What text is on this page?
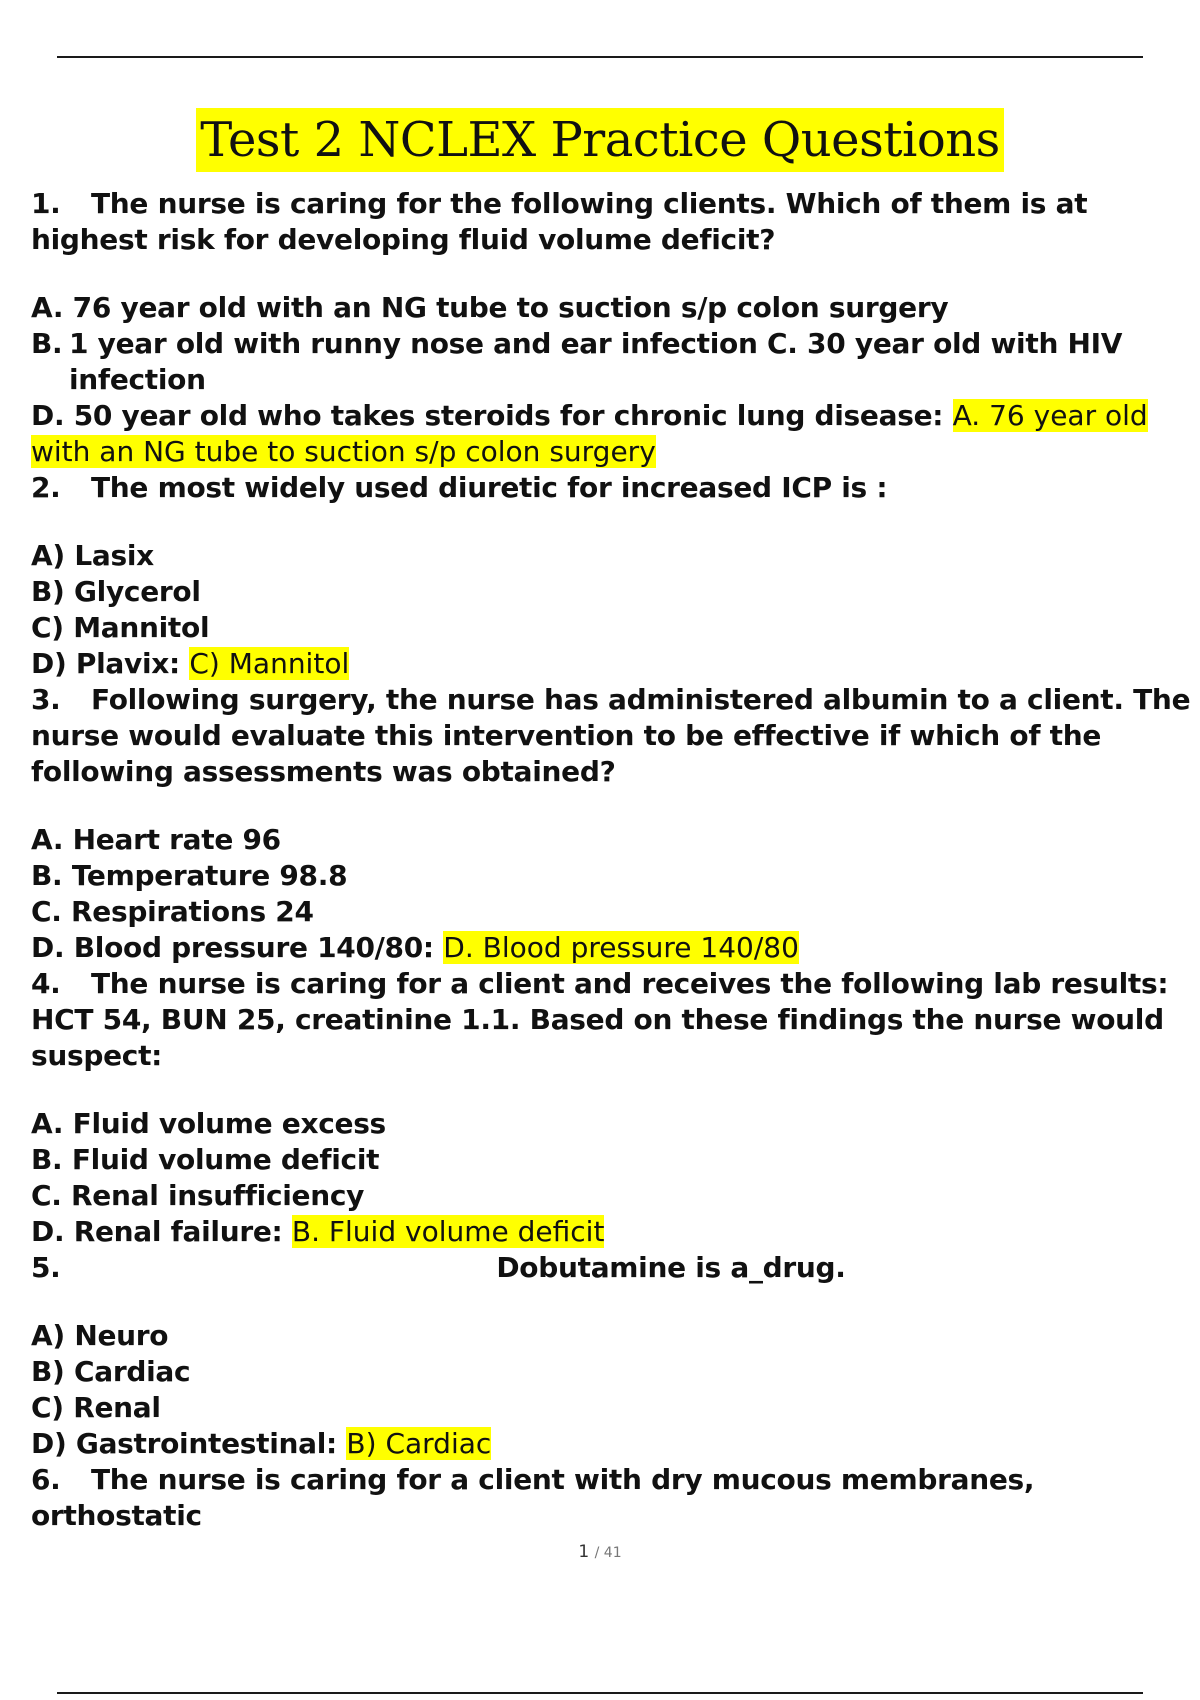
Test 2 NCLEX Practice Questions

1. The nurse is caring for the following clients. Which of them is at highest risk for developing fluid volume deficit?

A. 76 year old with an NG tube to suction s/p colon surgery

B. 1 year old with runny nose and ear infection C. 30 year old with HIV

infection

D. 50 year old who takes steroids for chronic lung disease: A. 76 year old with an NG tube to suction s/p colon surgery

2. The most widely used diuretic for increased ICP is :

A) Lasix

B) Glycerol

C) Mannitol

D) Plavix: C) Mannitol

3. Following surgery, the nurse has administered albumin to a client. The nurse would evaluate this intervention to be effective if which of the following assessments was obtained?

A. Heart rate 96

B. Temperature 98.8

C. Respirations 24

D. Blood pressure 140/80: D. Blood pressure 140/80

4. The nurse is caring for a client and receives the following lab results: HCT 54, BUN 25, creatinine 1.1. Based on these findings the nurse would suspect:

A. Fluid volume excess

B. Fluid volume deficit

C. Renal insufficiency

D. Renal failure: B. Fluid volume deficit

5.	Dobutamine is a_drug.

A) Neuro

B) Cardiac

C) Renal

D) Gastrointestinal: B) Cardiac

6. The nurse is caring for a client with dry mucous membranes, orthostatic

1 / 41
